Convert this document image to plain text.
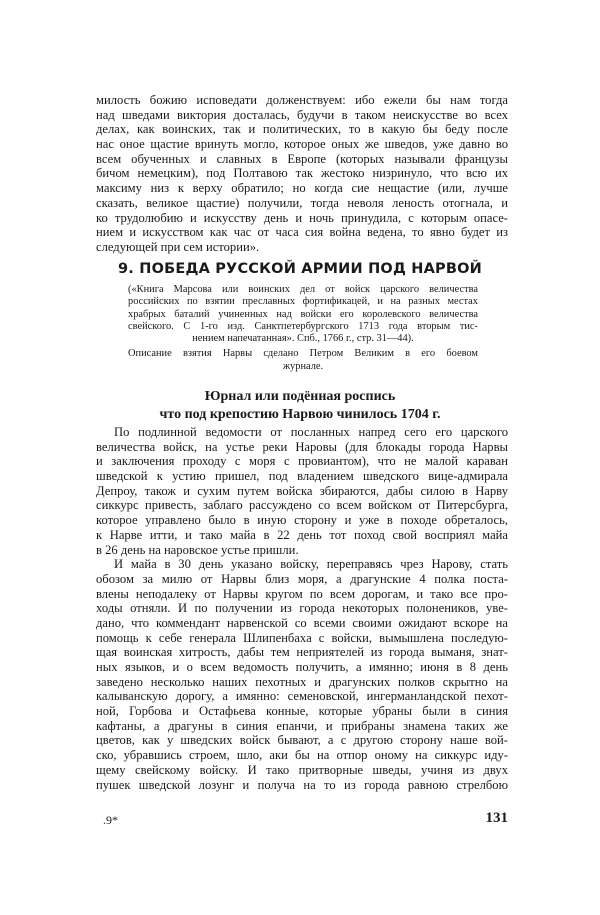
милость божию исповедати долженствуем: ибо ежели бы нам тогда
над шведами виктория досталась, будучи в таком неискусстве во всех
делах, как воинских, так и политических, то в какую бы беду после
нас оное щастие вринуть могло, которое оных же шведов, уже давно во
всем обученных и славных в Европе (которых называли французы
бичом немецким), под Полтавою так жестоко низринуло, что всю их
максиму низ к верху обратило; но когда сие нещастие (или, лучше
сказать, великое щастие) получили, тогда неволя леность отогнала, и
ко трудолюбию и искусству день и ночь принудила, с которым опасе-
нием и искусством как час от часа сия война ведена, то явно будет из
следующей при сем истории».
9. ПОБЕДА РУССКОЙ АРМИИ ПОД НАРВОЙ
(«Книга Марсова или воинских дел от войск царского величества
российских по взятии преславных фортификацей, и на разных местах
храбрых баталий учиненных над войски его королевского величества
свейского. С 1-го изд. Санктпетербургского 1713 года вторым тис-
нением напечатанная». Спб., 1766 г., стр. 31—44).
Описание взятия Нарвы сделано Петром Великим в его боевом
журнале.
Юрнал или подённая роспись
что под крепостию Нарвою чинилось 1704 г.
По подлинной ведомости от посланных напред сего его царского
величества войск, на устье реки Наровы (для блокады города Нарвы
и заключения проходу с моря с провиантом), что не малой караван
шведской к устию пришел, под владением шведского вице-адмирала
Депроу, також и сухим путем войска збираются, дабы силою в Нарву
сиккурс привесть, заблаго рассуждено со всем войском от Питерсбурга,
которое управлено было в иную сторону и уже в походе обреталось,
к Нарве итти, и тако майа в 22 день тот поход свой восприял майа
в 26 день на наровское устье пришли.
И майа в 30 день указано войску, переправясь чрез Нарову, стать
обозом за милю от Нарвы близ моря, а драгунские 4 полка поста-
влены неподалеку от Нарвы кругом по всем дорогам, и тако все про-
ходы отняли. И по получении из города некоторых полонеников, уве-
дано, что коммендант нарвенской со всеми своими ожидают вскоре на
помощь к себе генерала Шлипенбаха с войски, вымышлена последую-
щая воинская хитрость, дабы тем неприятелей из города выманя, знат-
ных языков, и о всем ведомость получить, а имянно; июня в 8 день
заведено несколько наших пехотных и драгунских полков скрытно на
калыванскую дорогу, а имянно: семеновской, ингерманландской пехот-
ной, Горбова и Остафьева конные, которые убраны были в синия
кафтаны, а драгуны в синия епанчи, и прибраны знамена таких же
цветов, как у шведских войск бывают, а с другою сторону наше вой-
ско, убравшись строем, шло, аки бы на отпор оному на сиккурс иду-
щему свейскому войску. И тако притворные шведы, учиня из двух
пушек шведской лозунг и получа на то из города равною стрелбою
.9*	131
